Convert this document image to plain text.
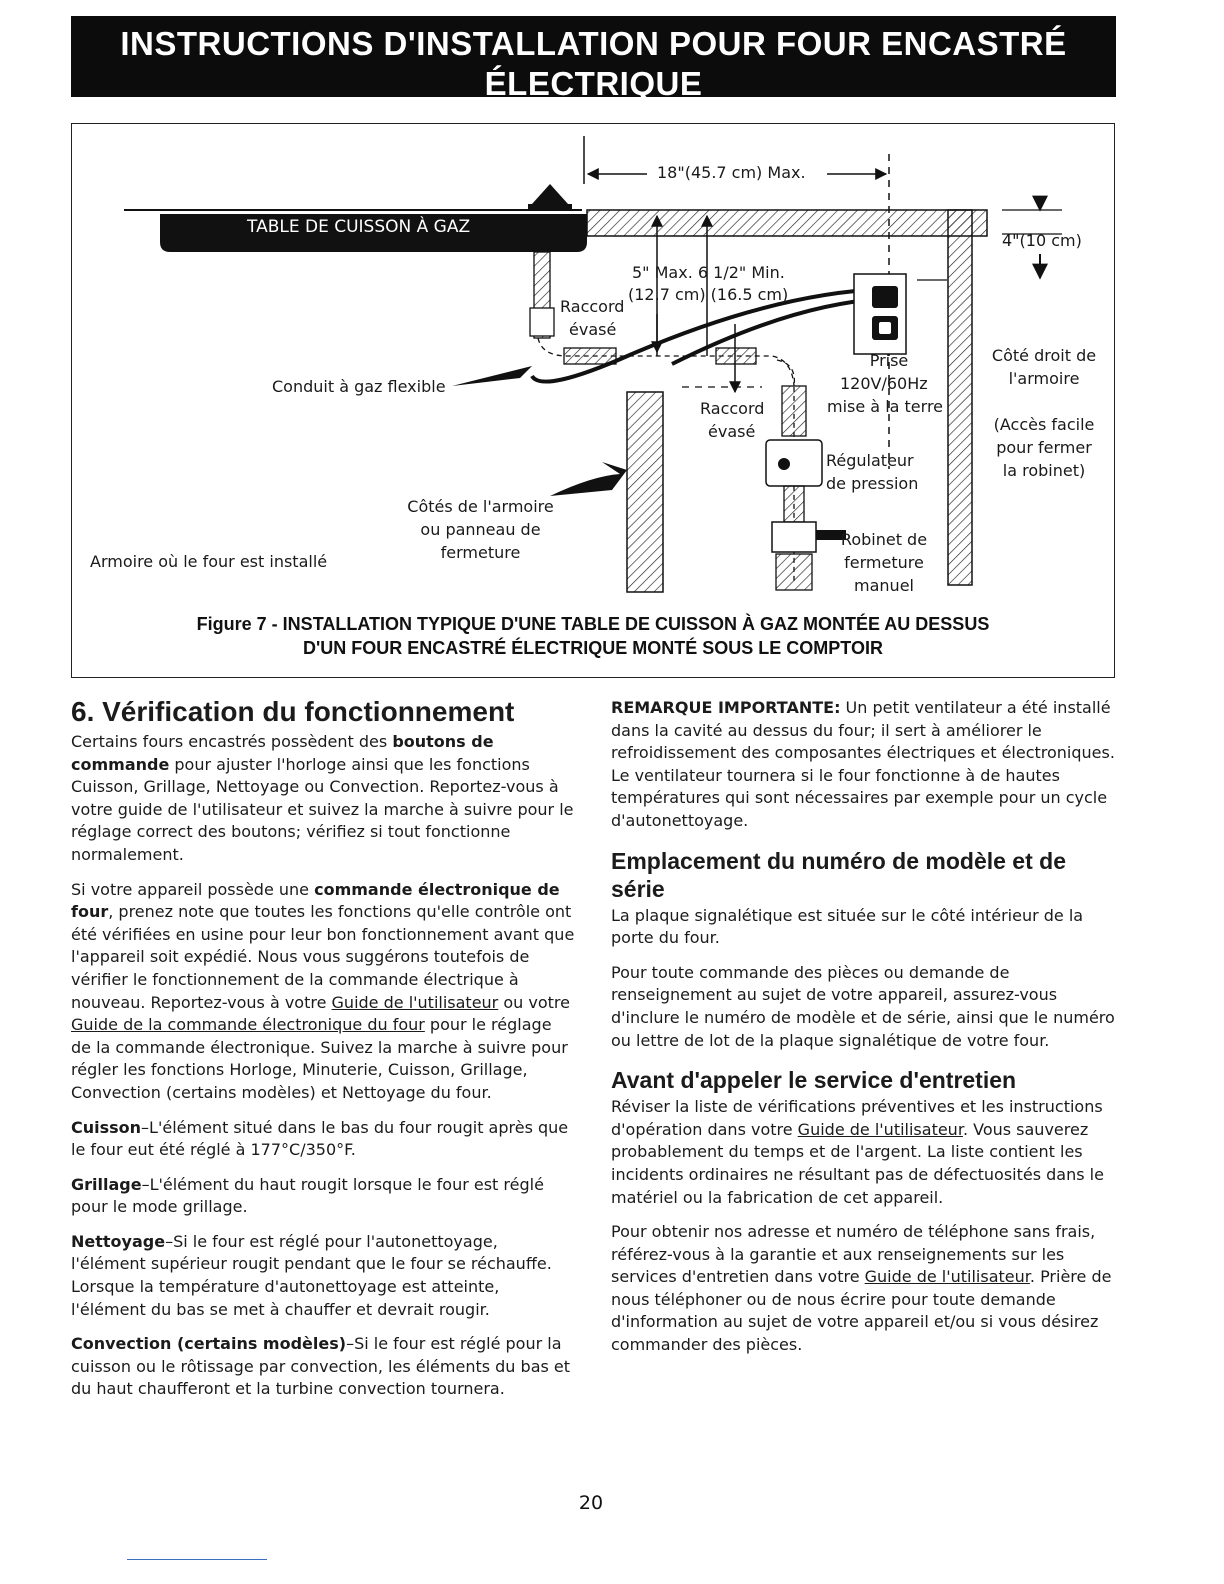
INSTRUCTIONS D'INSTALLATION POUR FOUR ENCASTRÉ ÉLECTRIQUE
(Combiné à une table de cuisson électrique ou à gaz (en option))
18"(45.7 cm) Max.
TABLE DE CUISSON À GAZ
5" Max. 6 1/2" Min.
(12.7 cm) (16.5 cm)
Raccord
évasé
Conduit à gaz flexible
4"(10 cm)
Prise
120V/60Hz
mise à la terre
Côté droit de
l'armoire
(Accès facile
pour fermer
la robinet)
Raccord
évasé
Régulateur
de pression
Côtés de l'armoire
ou panneau de
fermeture
Armoire où le four est installé
Robinet de
fermeture
manuel
Figure 7 - INSTALLATION TYPIQUE D'UNE TABLE DE CUISSON À GAZ MONTÉE AU DESSUS
D'UN FOUR ENCASTRÉ ÉLECTRIQUE MONTÉ SOUS LE COMPTOIR
6. Vérification du fonctionnement

Certains fours encastrés possèdent des boutons de commande pour ajuster l'horloge ainsi que les fonctions Cuisson, Grillage, Nettoyage ou Convection. Reportez-vous à votre guide de l'utilisateur et suivez la marche à suivre pour le réglage correct des boutons; vérifiez si tout fonctionne normalement.

Si votre appareil possède une commande électronique de four, prenez note que toutes les fonctions qu'elle contrôle ont été vérifiées en usine pour leur bon fonctionnement avant que l'appareil soit expédié. Nous vous suggérons toutefois de vérifier le fonctionnement de la commande électrique à nouveau. Reportez-vous à votre Guide de l'utilisateur ou votre Guide de la commande électronique du four pour le réglage de la commande électronique. Suivez la marche à suivre pour régler les fonctions Horloge, Minuterie, Cuisson, Grillage, Convection (certains modèles) et Nettoyage du four.

Cuisson–L'élément situé dans le bas du four rougit après que le four eut été réglé à 177°C/350°F.

Grillage–L'élément du haut rougit lorsque le four est réglé pour le mode grillage.

Nettoyage–Si le four est réglé pour l'autonettoyage, l'élément supérieur rougit pendant que le four se réchauffe. Lorsque la température d'autonettoyage est atteinte, l'élément du bas se met à chauffer et devrait rougir.

Convection (certains modèles)–Si le four est réglé pour la cuisson ou le rôtissage par convection, les éléments du bas et du haut chaufferont et la turbine convection tournera.

REMARQUE IMPORTANTE: Un petit ventilateur a été installé dans la cavité au dessus du four; il sert à améliorer le refroidissement des composantes électriques et électroniques. Le ventilateur tournera si le four fonctionne à de hautes températures qui sont nécessaires par exemple pour un cycle d'autonettoyage.

Emplacement du numéro de modèle et de série

La plaque signalétique est située sur le côté intérieur de la porte du four.

Pour toute commande des pièces ou demande de renseignement au sujet de votre appareil, assurez-vous d'inclure le numéro de modèle et de série, ainsi que le numéro ou lettre de lot de la plaque signalétique de votre four.

Avant d'appeler le service d'entretien

Réviser la liste de vérifications préventives et les instructions d'opération dans votre Guide de l'utilisateur. Vous sauverez probablement du temps et de l'argent. La liste contient les incidents ordinaires ne résultant pas de défectuosités dans le matériel ou la fabrication de cet appareil.

Pour obtenir nos adresse et numéro de téléphone sans frais, référez-vous à la garantie et aux renseignements sur les services d'entretien dans votre Guide de l'utilisateur. Prière de nous téléphoner ou de nous écrire pour toute demande d'information au sujet de votre appareil et/ou si vous désirez commander des pièces.

20
